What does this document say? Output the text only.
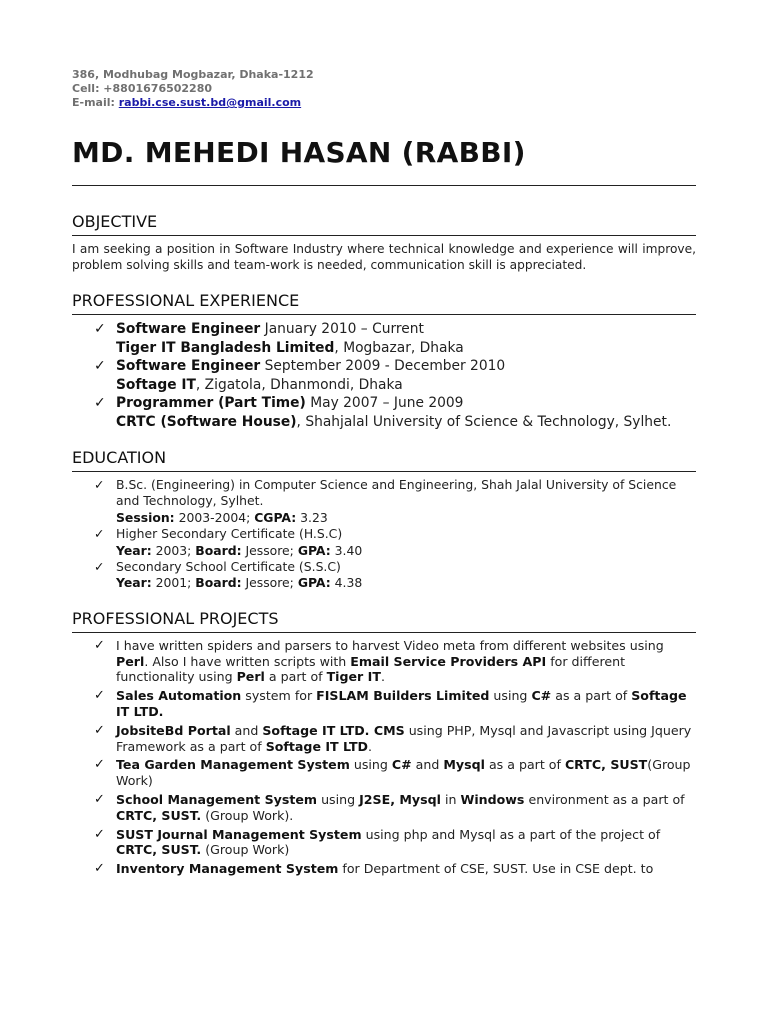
386, Modhubag Mogbazar, Dhaka-1212
Cell: +8801676502280
E-mail: rabbi.cse.sust.bd@gmail.com
MD. MEHEDI HASAN (RABBI)
OBJECTIVE
I am seeking a position in Software Industry where technical knowledge and experience will improve, problem solving skills and team-work is needed, communication skill is appreciated.
PROFESSIONAL EXPERIENCE
✓ Software Engineer January 2010 – Current
Tiger IT Bangladesh Limited, Mogbazar, Dhaka
✓ Software Engineer September 2009 - December 2010
Softage IT, Zigatola, Dhanmondi, Dhaka
✓ Programmer (Part Time) May 2007 – June 2009
CRTC (Software House), Shahjalal University of Science & Technology, Sylhet.
EDUCATION
✓ B.Sc. (Engineering) in Computer Science and Engineering, Shah Jalal University of Science and Technology, Sylhet.
Session: 2003-2004; CGPA: 3.23
✓ Higher Secondary Certificate (H.S.C)
Year: 2003; Board: Jessore; GPA: 3.40
✓ Secondary School Certificate (S.S.C)
Year: 2001; Board: Jessore; GPA: 4.38
PROFESSIONAL PROJECTS
✓ I have written spiders and parsers to harvest Video meta from different websites using Perl. Also I have written scripts with Email Service Providers API for different functionality using Perl a part of Tiger IT.
✓ Sales Automation system for FISLAM Builders Limited using C# as a part of Softage IT LTD.
✓ JobsiteBd Portal and Softage IT LTD. CMS using PHP, Mysql and Javascript using Jquery Framework as a part of Softage IT LTD.
✓ Tea Garden Management System using C# and Mysql as a part of CRTC, SUST(Group Work)
✓ School Management System using J2SE, Mysql in Windows environment as a part of CRTC, SUST. (Group Work).
✓ SUST Journal Management System using php and Mysql as a part of the project of CRTC, SUST. (Group Work)
✓ Inventory Management System for Department of CSE, SUST. Use in CSE dept. to
